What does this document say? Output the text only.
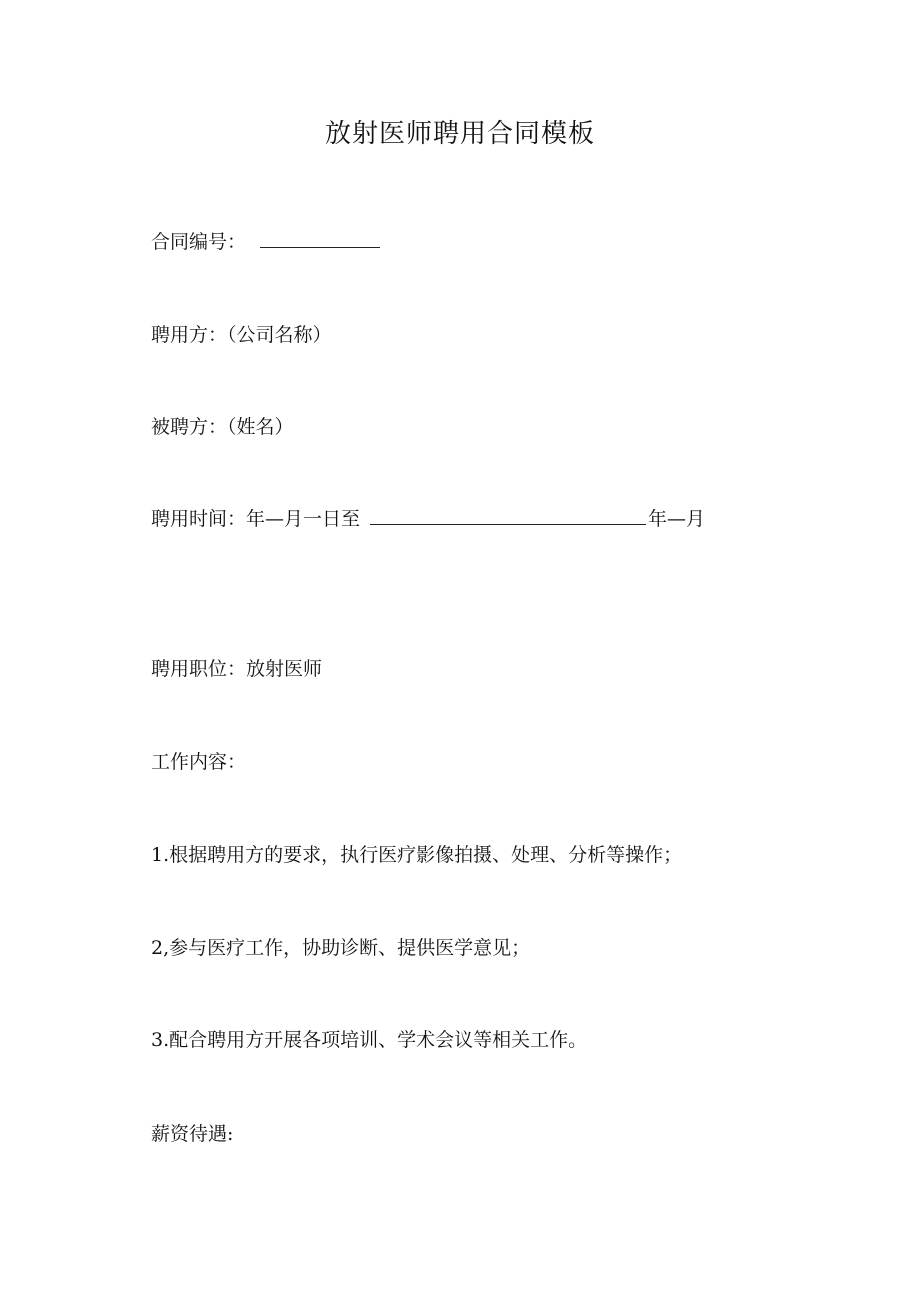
放射医师聘用合同模板
合同编号：
聘用方：（公司名称）
被聘方：（姓名）
聘用时间：年—月一日至	年—月
聘用职位：放射医师
工作内容：
1.根据聘用方的要求，执行医疗影像拍摄、处理、分析等操作；
2,参与医疗工作，协助诊断、提供医学意见；
3.配合聘用方开展各项培训、学术会议等相关工作。
薪资待遇:
